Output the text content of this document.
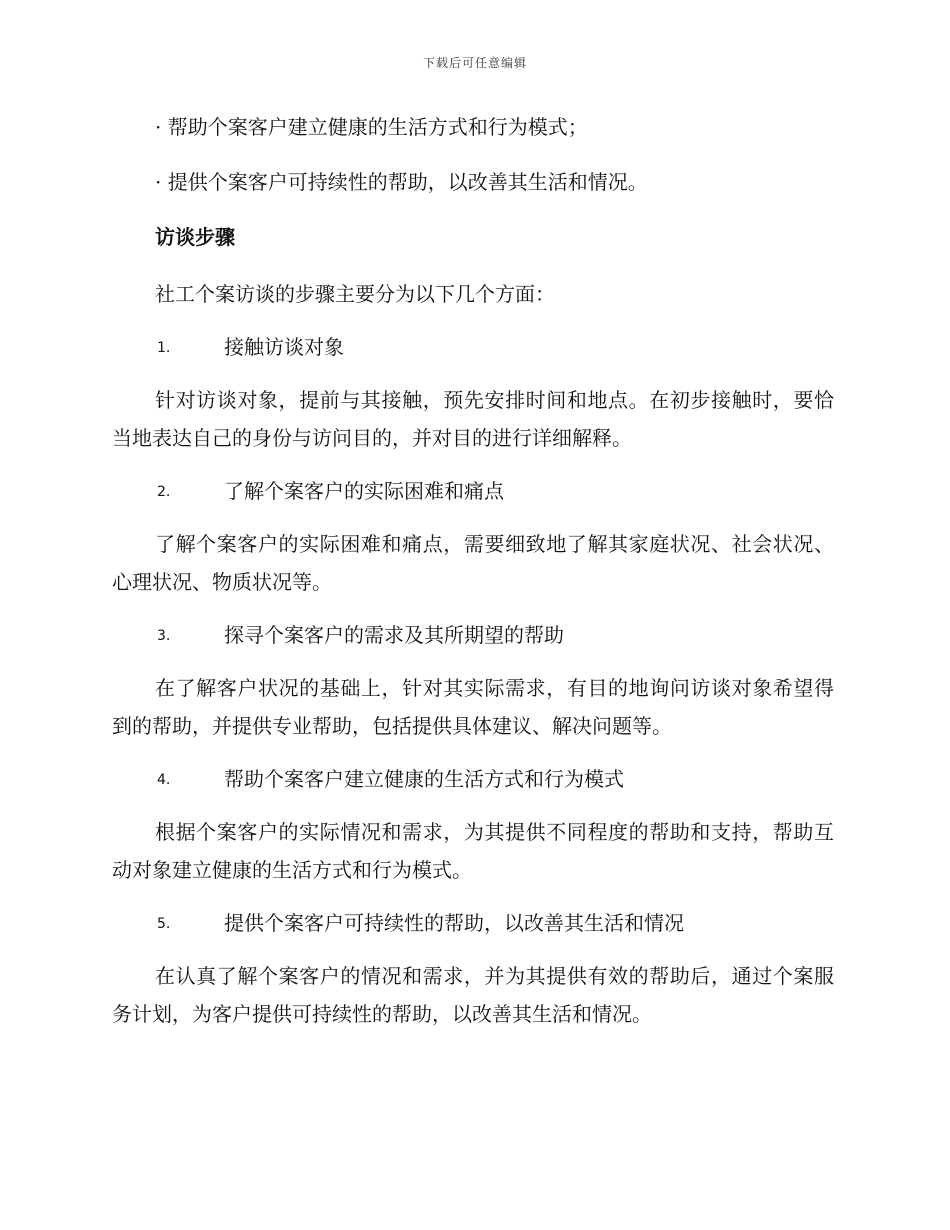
下载后可任意编辑
· 帮助个案客户建立健康的生活方式和行为模式；
· 提供个案客户可持续性的帮助，以改善其生活和情况。
访谈步骤
社工个案访谈的步骤主要分为以下几个方面：
1.	接触访谈对象
针对访谈对象，提前与其接触，预先安排时间和地点。在初步接触时，要恰当地表达自己的身份与访问目的，并对目的进行详细解释。
2.	了解个案客户的实际困难和痛点
了解个案客户的实际困难和痛点，需要细致地了解其家庭状况、社会状况、心理状况、物质状况等。
3.	探寻个案客户的需求及其所期望的帮助
在了解客户状况的基础上，针对其实际需求，有目的地询问访谈对象希望得到的帮助，并提供专业帮助，包括提供具体建议、解决问题等。
4.	帮助个案客户建立健康的生活方式和行为模式
根据个案客户的实际情况和需求，为其提供不同程度的帮助和支持，帮助互动对象建立健康的生活方式和行为模式。
5.	提供个案客户可持续性的帮助，以改善其生活和情况
在认真了解个案客户的情况和需求，并为其提供有效的帮助后，通过个案服务计划，为客户提供可持续性的帮助，以改善其生活和情况。
